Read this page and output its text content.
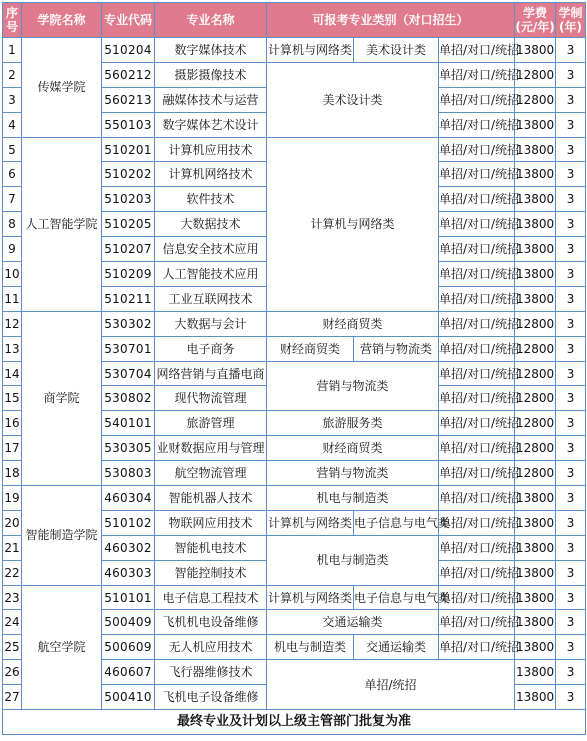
序号	学院名称	专业代码	专业名称	可报考专业类别（对口招生）			学费(元/年)	学制(年)
1	传媒学院	510204	数字媒体技术	计算机与网络类	美术设计类	单招/对口/统招	13800	3
2		560212	摄影摄像技术	美术设计类		单招/对口/统招	12800	3
3		560213	融媒体技术与运营			单招/对口/统招	12800	3
4		550103	数字媒体艺术设计			单招/对口/统招	13800	3
5	人工智能学院	510201	计算机应用技术	计算机与网络类		单招/对口/统招	13800	3
6		510202	计算机网络技术			单招/对口/统招	13800	3
7		510203	软件技术			单招/对口/统招	13800	3
8		510205	大数据技术			单招/对口/统招	13800	3
9		510207	信息安全技术应用			单招/对口/统招	13800	3
10		510209	人工智能技术应用			单招/对口/统招	13800	3
11		510211	工业互联网技术			单招/对口/统招	13800	3
12	商学院	530302	大数据与会计	财经商贸类		单招/对口/统招	12800	3
13		530701	电子商务	财经商贸类	营销与物流类	单招/对口/统招	12800	3
14		530704	网络营销与直播电商	营销与物流类		单招/对口/统招	12800	3
15		530802	现代物流管理			单招/对口/统招	12800	3
16		540101	旅游管理	旅游服务类		单招/对口/统招	12800	3
17		530305	业财数据应用与管理	财经商贸类		单招/对口/统招	12800	3
18		530803	航空物流管理	营销与物流类		单招/对口/统招	12800	3
19	智能制造学院	460304	智能机器人技术	机电与制造类		单招/对口/统招	13800	3
20		510102	物联网应用技术	计算机与网络类	电子信息与电气类	单招/对口/统招	13800	3
21		460302	智能机电技术	机电与制造类		单招/对口/统招	13800	3
22		460303	智能控制技术			单招/对口/统招	13800	3
23	航空学院	510101	电子信息工程技术	计算机与网络类	电子信息与电气类	单招/对口/统招	13800	3
24		500409	飞机机电设备维修	交通运输类		单招/对口/统招	13800	3
25		500609	无人机应用技术	机电与制造类	交通运输类	单招/对口/统招	13800	3
26		460607	飞行器维修技术	单招/统招			13800	3
27		500410	飞机电子设备维修				13800	3
最终专业及计划以上级主管部门批复为准								
